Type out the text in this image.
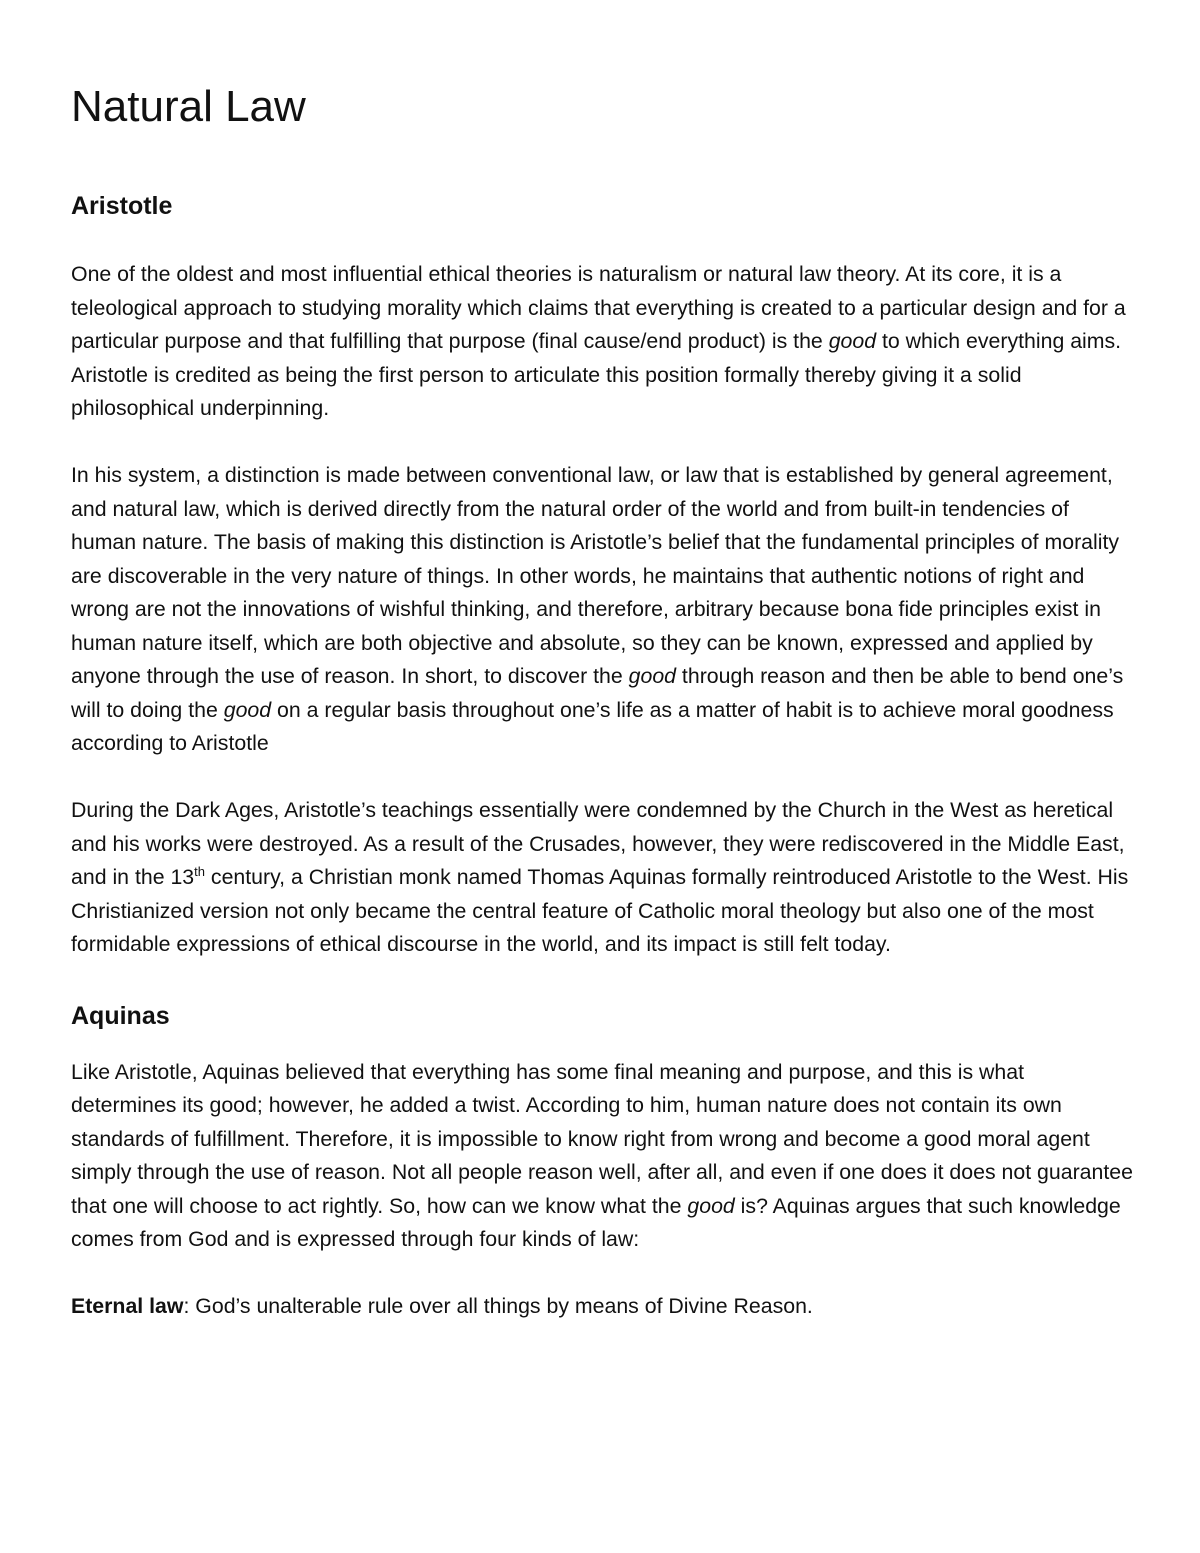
Natural Law
Aristotle

One of the oldest and most influential ethical theories is naturalism or natural law theory. At its core, it is a teleological approach to studying morality which claims that everything is created to a particular design and for a particular purpose and that fulfilling that purpose (final cause/end product) is the good to which everything aims. Aristotle is credited as being the first person to articulate this position formally thereby giving it a solid philosophical underpinning.

In his system, a distinction is made between conventional law, or law that is established by general agreement, and natural law, which is derived directly from the natural order of the world and from built-in tendencies of human nature. The basis of making this distinction is Aristotle’s belief that the fundamental principles of morality are discoverable in the very nature of things. In other words, he maintains that authentic notions of right and wrong are not the innovations of wishful thinking, and therefore, arbitrary because bona fide principles exist in human nature itself, which are both objective and absolute, so they can be known, expressed and applied by anyone through the use of reason. In short, to discover the good through reason and then be able to bend one’s will to doing the good on a regular basis throughout one’s life as a matter of habit is to achieve moral goodness according to Aristotle

During the Dark Ages, Aristotle’s teachings essentially were condemned by the Church in the West as heretical and his works were destroyed. As a result of the Crusades, however, they were rediscovered in the Middle East, and in the 13th century, a Christian monk named Thomas Aquinas formally reintroduced Aristotle to the West. His Christianized version not only became the central feature of Catholic moral theology but also one of the most formidable expressions of ethical discourse in the world, and its impact is still felt today.

Aquinas

Like Aristotle, Aquinas believed that everything has some final meaning and purpose, and this is what determines its good; however, he added a twist. According to him, human nature does not contain its own standards of fulfillment. Therefore, it is impossible to know right from wrong and become a good moral agent simply through the use of reason. Not all people reason well, after all, and even if one does it does not guarantee that one will choose to act rightly. So, how can we know what the good is? Aquinas argues that such knowledge comes from God and is expressed through four kinds of law:

Eternal law: God’s unalterable rule over all things by means of Divine Reason.
